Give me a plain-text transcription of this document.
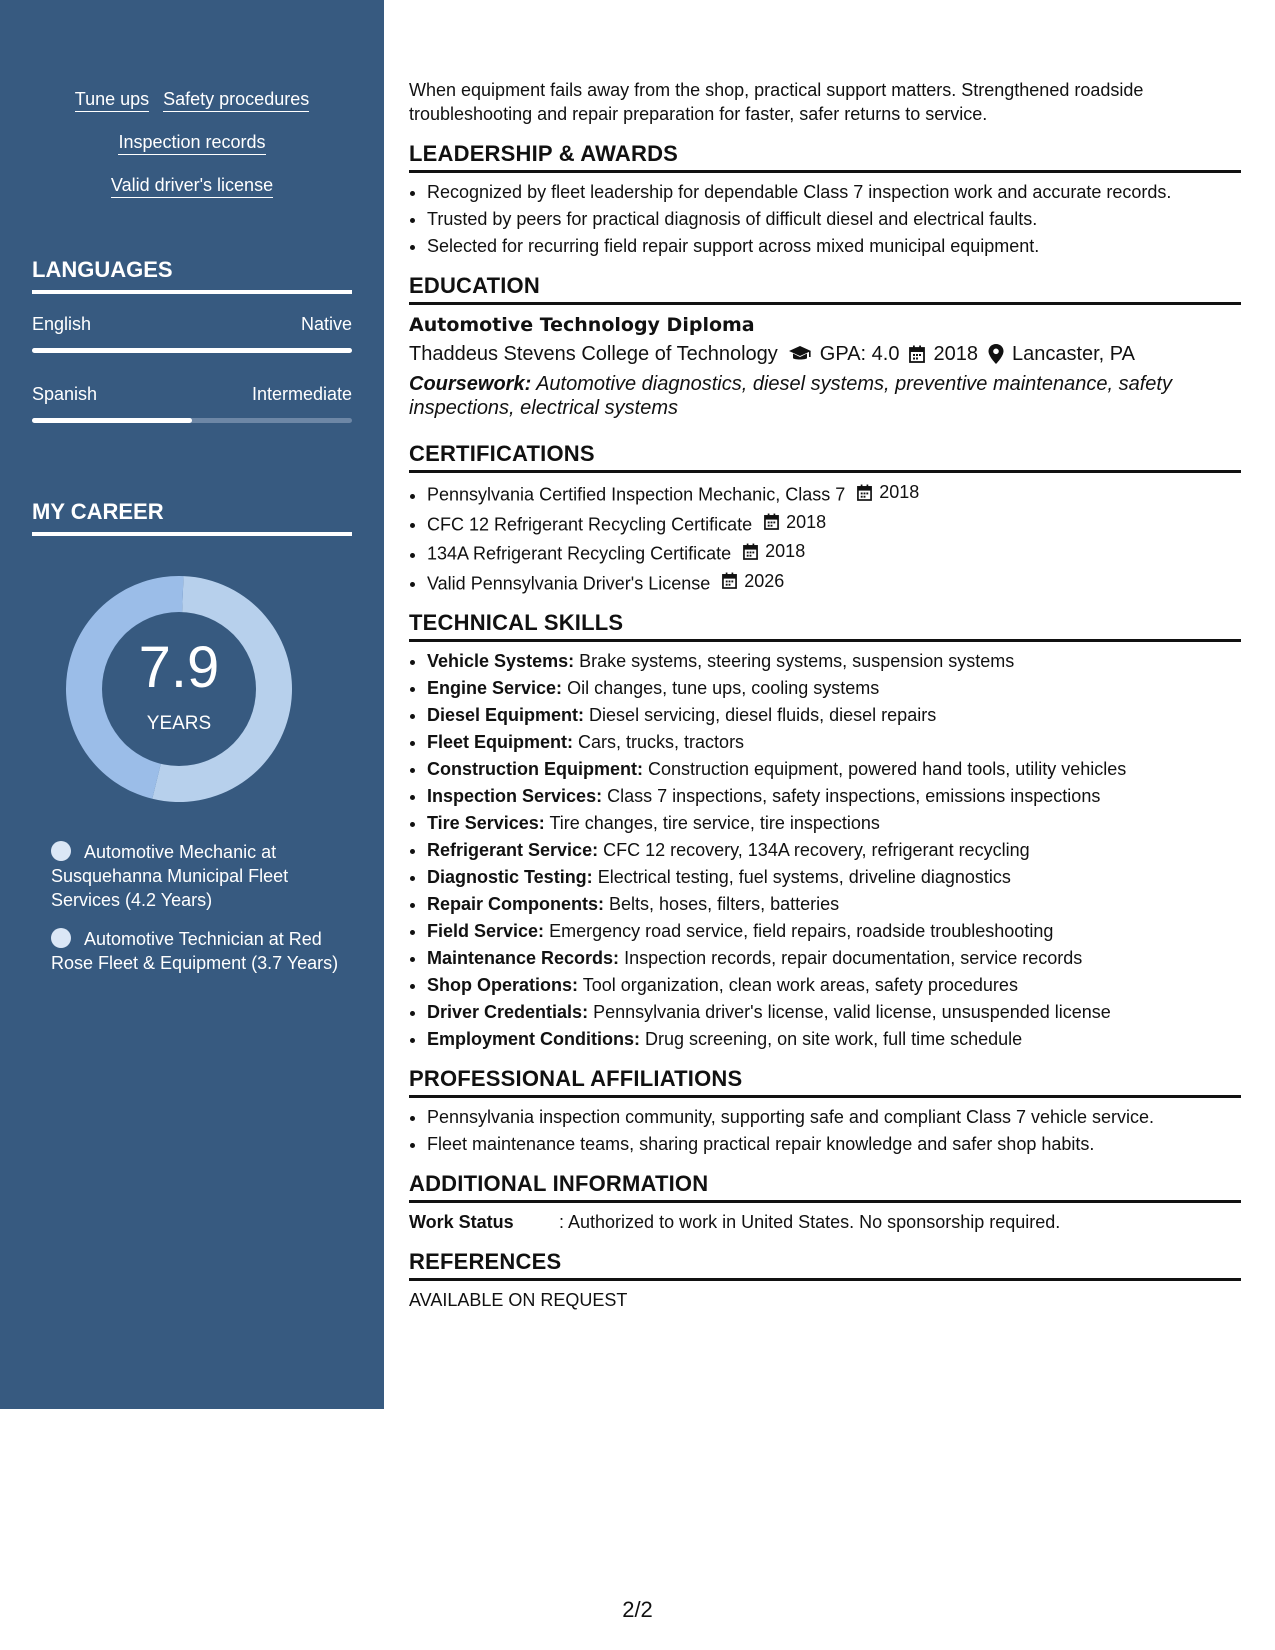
Tune ups Safety procedures
Inspection records
Valid driver's license
LANGUAGES
English	Native
Spanish	Intermediate
MY CAREER
7.9
YEARS
Automotive Mechanic at Susquehanna Municipal Fleet Services (4.2 Years)
Automotive Technician at Red Rose Fleet & Equipment (3.7 Years)

When equipment fails away from the shop, practical support matters. Strengthened roadside troubleshooting and repair preparation for faster, safer returns to service.

LEADERSHIP & AWARDS
• Recognized by fleet leadership for dependable Class 7 inspection work and accurate records.
• Trusted by peers for practical diagnosis of difficult diesel and electrical faults.
• Selected for recurring field repair support across mixed municipal equipment.
EDUCATION
Automotive Technology Diploma
Thaddeus Stevens College of Technology GPA: 4.0 2018 Lancaster, PA
Coursework: Automotive diagnostics, diesel systems, preventive maintenance, safety inspections, electrical systems
CERTIFICATIONS
• Pennsylvania Certified Inspection Mechanic, Class 7 2018
• CFC 12 Refrigerant Recycling Certificate 2018
• 134A Refrigerant Recycling Certificate 2018
• Valid Pennsylvania Driver's License 2026
TECHNICAL SKILLS
• Vehicle Systems: Brake systems, steering systems, suspension systems
• Engine Service: Oil changes, tune ups, cooling systems
• Diesel Equipment: Diesel servicing, diesel fluids, diesel repairs
• Fleet Equipment: Cars, trucks, tractors
• Construction Equipment: Construction equipment, powered hand tools, utility vehicles
• Inspection Services: Class 7 inspections, safety inspections, emissions inspections
• Tire Services: Tire changes, tire service, tire inspections
• Refrigerant Service: CFC 12 recovery, 134A recovery, refrigerant recycling
• Diagnostic Testing: Electrical testing, fuel systems, driveline diagnostics
• Repair Components: Belts, hoses, filters, batteries
• Field Service: Emergency road service, field repairs, roadside troubleshooting
• Maintenance Records: Inspection records, repair documentation, service records
• Shop Operations: Tool organization, clean work areas, safety procedures
• Driver Credentials: Pennsylvania driver's license, valid license, unsuspended license
• Employment Conditions: Drug screening, on site work, full time schedule
PROFESSIONAL AFFILIATIONS
• Pennsylvania inspection community, supporting safe and compliant Class 7 vehicle service.
• Fleet maintenance teams, sharing practical repair knowledge and safer shop habits.
ADDITIONAL INFORMATION
Work Status	: Authorized to work in United States. No sponsorship required.
REFERENCES
AVAILABLE ON REQUEST
2/2
